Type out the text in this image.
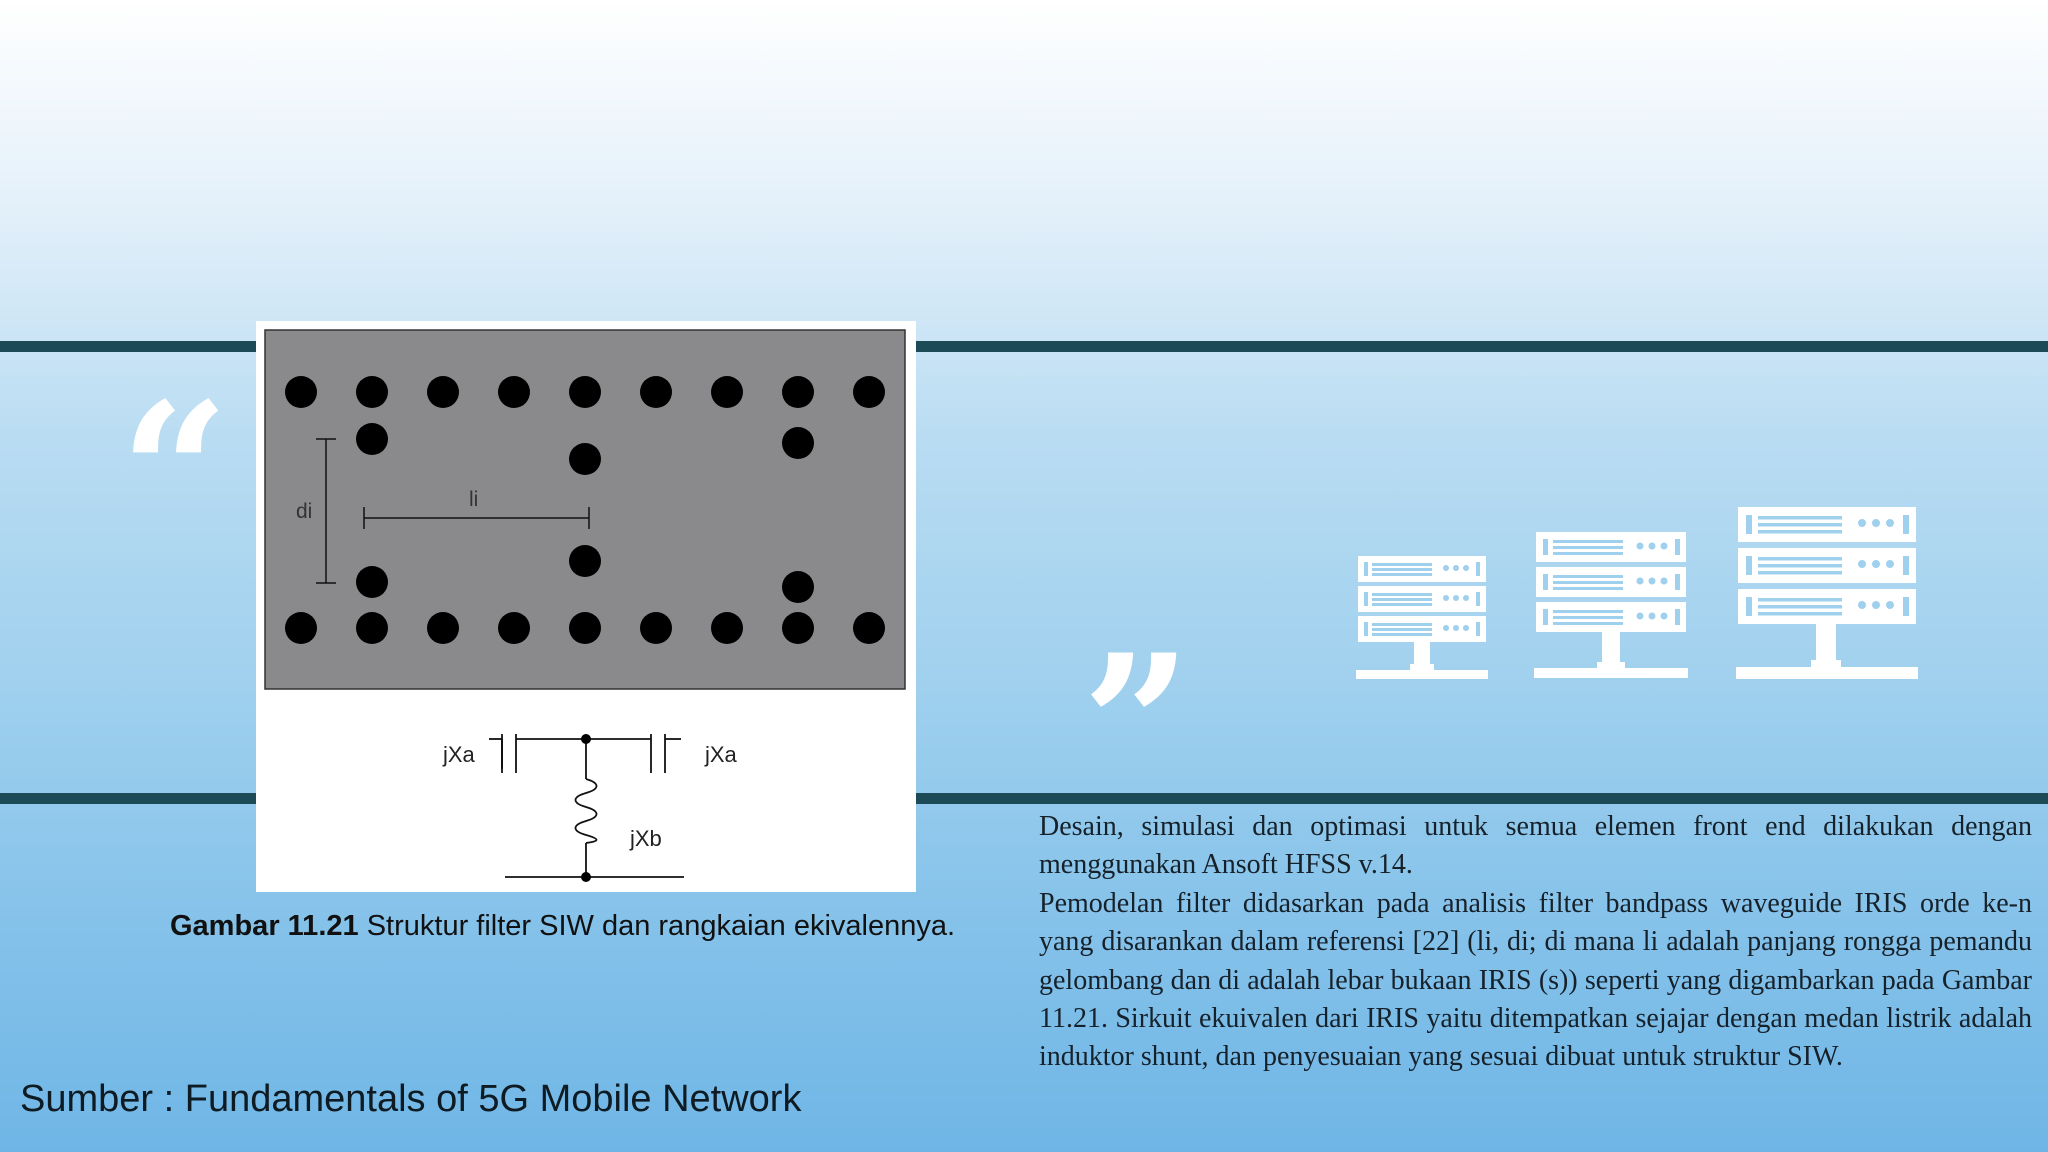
“
”
di
li
jXa	jXa
jXb
Gambar 11.21 Struktur filter SIW dan rangkaian ekivalennya.

Desain, simulasi dan optimasi untuk semua elemen front end dilakukan dengan menggunakan Ansoft HFSS v.14.

Pemodelan filter didasarkan pada analisis filter bandpass waveguide IRIS orde ke-n yang disarankan dalam referensi [22] (li, di; di mana li adalah panjang rongga pemandu gelombang dan di adalah lebar bukaan IRIS (s)) seperti yang digambarkan pada Gambar 11.21. Sirkuit ekuivalen dari IRIS yaitu ditempatkan sejajar dengan medan listrik adalah induktor shunt, dan penyesuaian yang sesuai dibuat untuk struktur SIW.

Sumber : Fundamentals of 5G Mobile Network
